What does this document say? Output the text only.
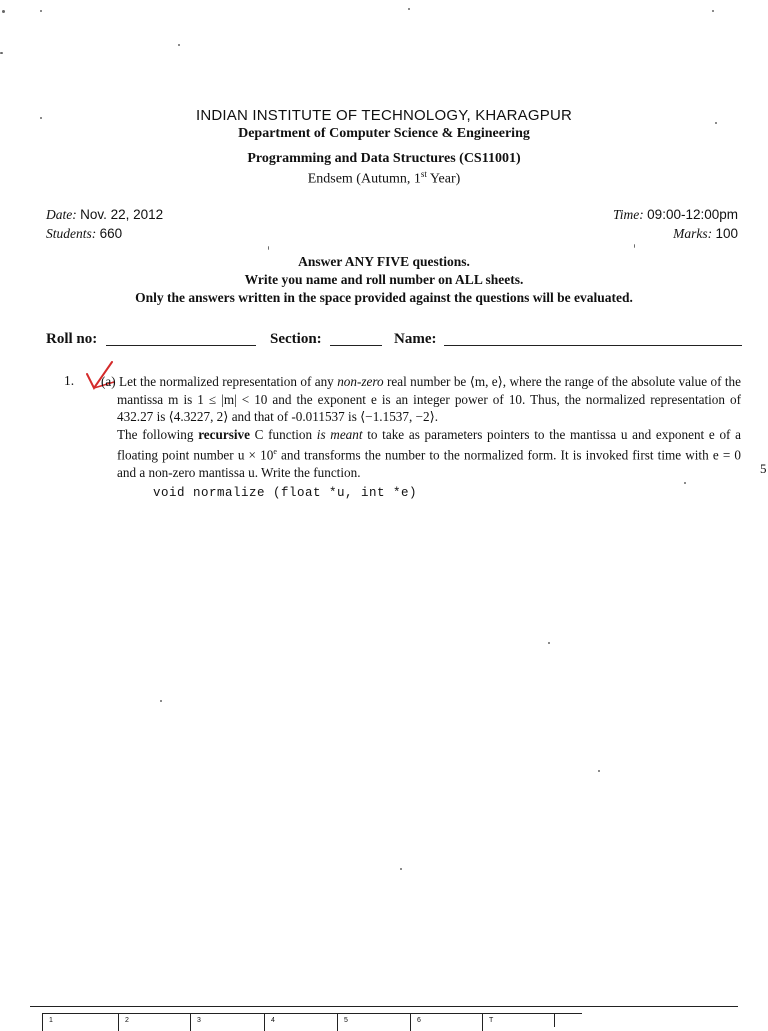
INDIAN INSTITUTE OF TECHNOLOGY, KHARAGPUR
Department of Computer Science & Engineering
Programming and Data Structures (CS11001)
Endsem (Autumn, 1st Year)
Date: Nov. 22, 2012
Students: 660
Time: 09:00-12:00pm
Marks: 100
Answer ANY FIVE questions.
Write you name and roll number on ALL sheets.
Only the answers written in the space provided against the questions will be evaluated.
Roll no:	Section:	Name:
1. (a) Let the normalized representation of any non-zero real number be ⟨m, e⟩, where the range of the absolute value of the mantissa m is 1 ≤ |m| < 10 and the exponent e is an integer power of 10. Thus, the normalized representation of 432.27 is ⟨4.3227, 2⟩ and that of -0.011537 is ⟨−1.1537, −2⟩.

The following recursive C function is meant to take as parameters pointers to the mantissa u and exponent e of a floating point number $u \times 10^e$ and transforms the number to the normalized form. It is invoked first time with e = 0 and a non-zero mantissa u. Write the function.

void normalize (float *u, int *e)
5
1	2	3	4	5	6	T
